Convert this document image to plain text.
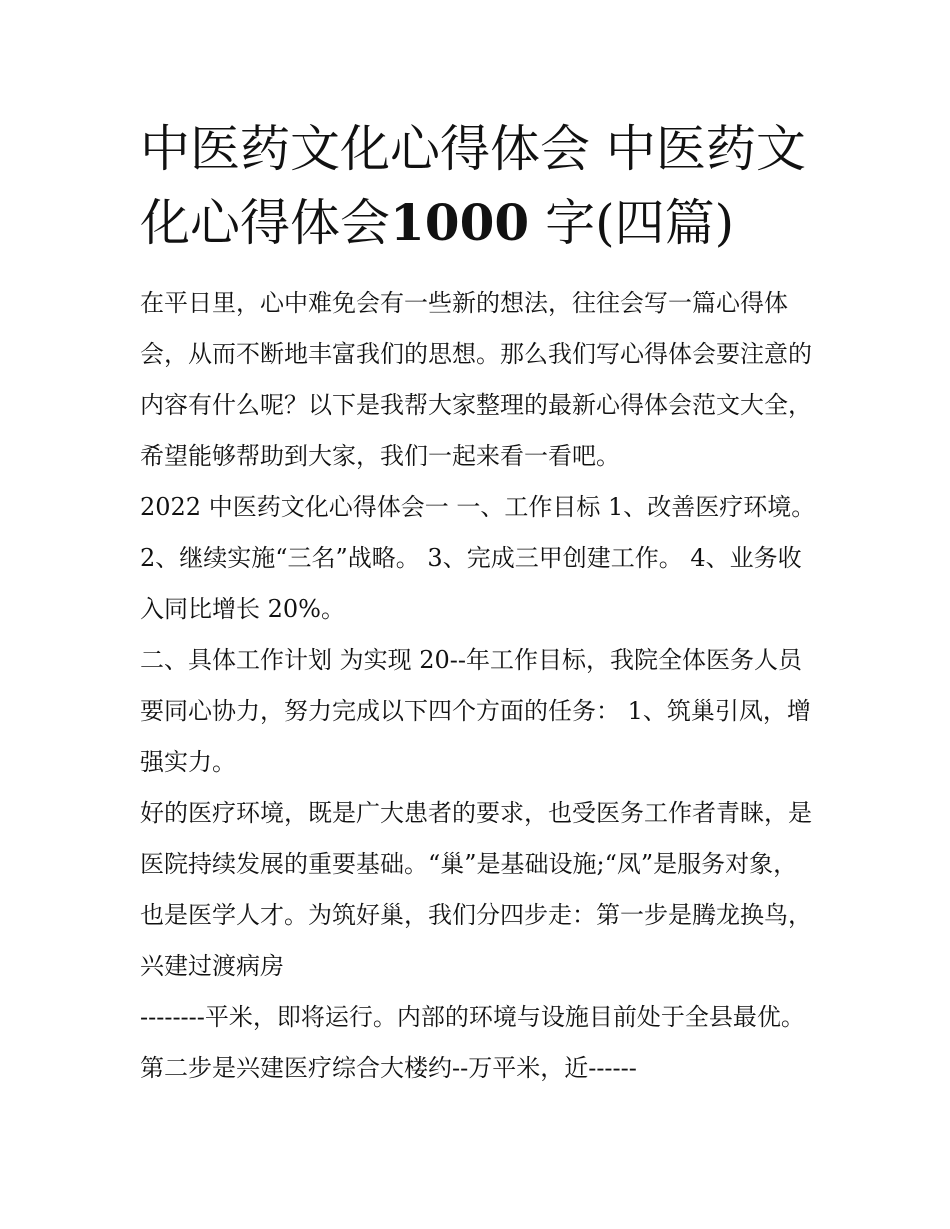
中医药文化心得体会 中医药文化心得体会1000 字(四篇)

在平日里，心中难免会有一些新的想法，往往会写一篇心得体会，从而不断地丰富我们的思想。那么我们写心得体会要注意的内容有什么呢？以下是我帮大家整理的最新心得体会范文大全，希望能够帮助到大家，我们一起来看一看吧。

2022 中医药文化心得体会一 一、工作目标 1、改善医疗环境。 2、继续实施“三名”战略。 3、完成三甲创建工作。 4、业务收入同比增长 20%。

二、具体工作计划 为实现 20--年工作目标，我院全体医务人员要同心协力，努力完成以下四个方面的任务： 1、筑巢引凤，增强实力。

好的医疗环境，既是广大患者的要求，也受医务工作者青睐，是医院持续发展的重要基础。“巢”是基础设施;“凤”是服务对象，也是医学人才。为筑好巢，我们分四步走：第一步是腾龙换鸟，兴建过渡病房

--------平米，即将运行。内部的环境与设施目前处于全县最优。第二步是兴建医疗综合大楼约--万平米，近------
